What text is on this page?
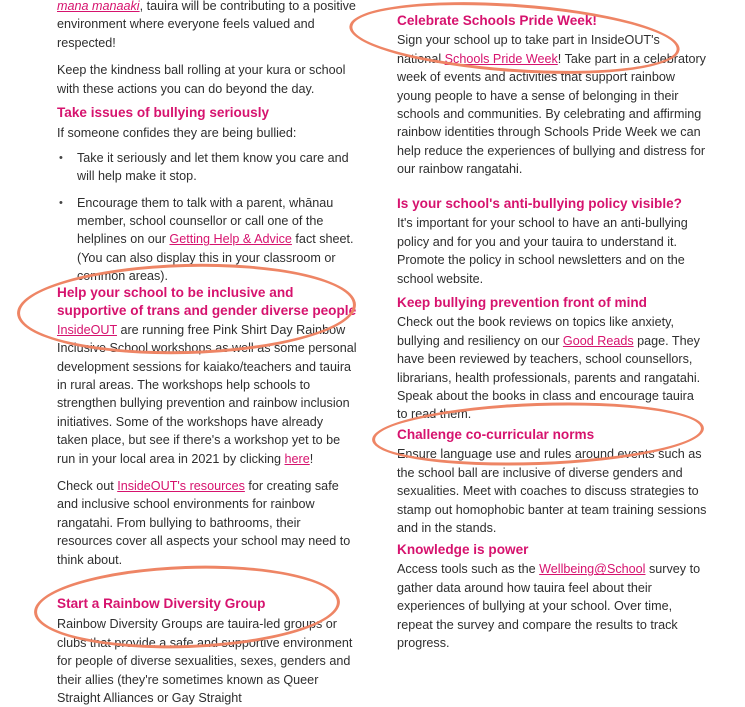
mana manaaki, tauira will be contributing to a positive environment where everyone feels valued and respected!

Keep the kindness ball rolling at your kura or school with these actions you can do beyond the day.

Take issues of bullying seriously

If someone confides they are being bullied:

• Take it seriously and let them know you care and will help make it stop.
• Encourage them to talk with a parent, whānau member, school counsellor or call one of the helplines on our Getting Help & Advice fact sheet. (You can also display this in your classroom or common areas).
Help your school to be inclusive and supportive of trans and gender diverse people

InsideOUT are running free Pink Shirt Day Rainbow Inclusive School workshops as well as some personal development sessions for kaiako/teachers and tauira in rural areas. The workshops help schools to strengthen bullying prevention and rainbow inclusion initiatives. Some of the workshops have already taken place, but see if there's a workshop yet to be run in your local area in 2021 by clicking here!

Check out InsideOUT's resources for creating safe and inclusive school environments for rainbow rangatahi. From bullying to bathrooms, their resources cover all aspects your school may need to think about.

Start a Rainbow Diversity Group

Rainbow Diversity Groups are tauira-led groups or clubs that provide a safe and supportive environment for people of diverse sexualities, sexes, genders and their allies (they're sometimes known as Queer Straight Alliances or Gay Straight

Celebrate Schools Pride Week!

Sign your school up to take part in InsideOUT's national Schools Pride Week! Take part in a celebratory week of events and activities that support rainbow young people to have a sense of belonging in their schools and communities. By celebrating and affirming rainbow identities through Schools Pride Week we can help reduce the experiences of bullying and distress for our rainbow rangatahi.

Is your school's anti-bullying policy visible?

It's important for your school to have an anti-bullying policy and for you and your tauira to understand it. Promote the policy in school newsletters and on the school website.

Keep bullying prevention front of mind

Check out the book reviews on topics like anxiety, bullying and resiliency on our Good Reads page. They have been reviewed by teachers, school counsellors, librarians, health professionals, parents and rangatahi. Speak about the books in class and encourage tauira to read them.

Challenge co-curricular norms

Ensure language use and rules around events such as the school ball are inclusive of diverse genders and sexualities. Meet with coaches to discuss strategies to stamp out homophobic banter at team training sessions and in the stands.

Knowledge is power

Access tools such as the Wellbeing@School survey to gather data around how tauira feel about their experiences of bullying at your school. Over time, repeat the survey and compare the results to track progress.
